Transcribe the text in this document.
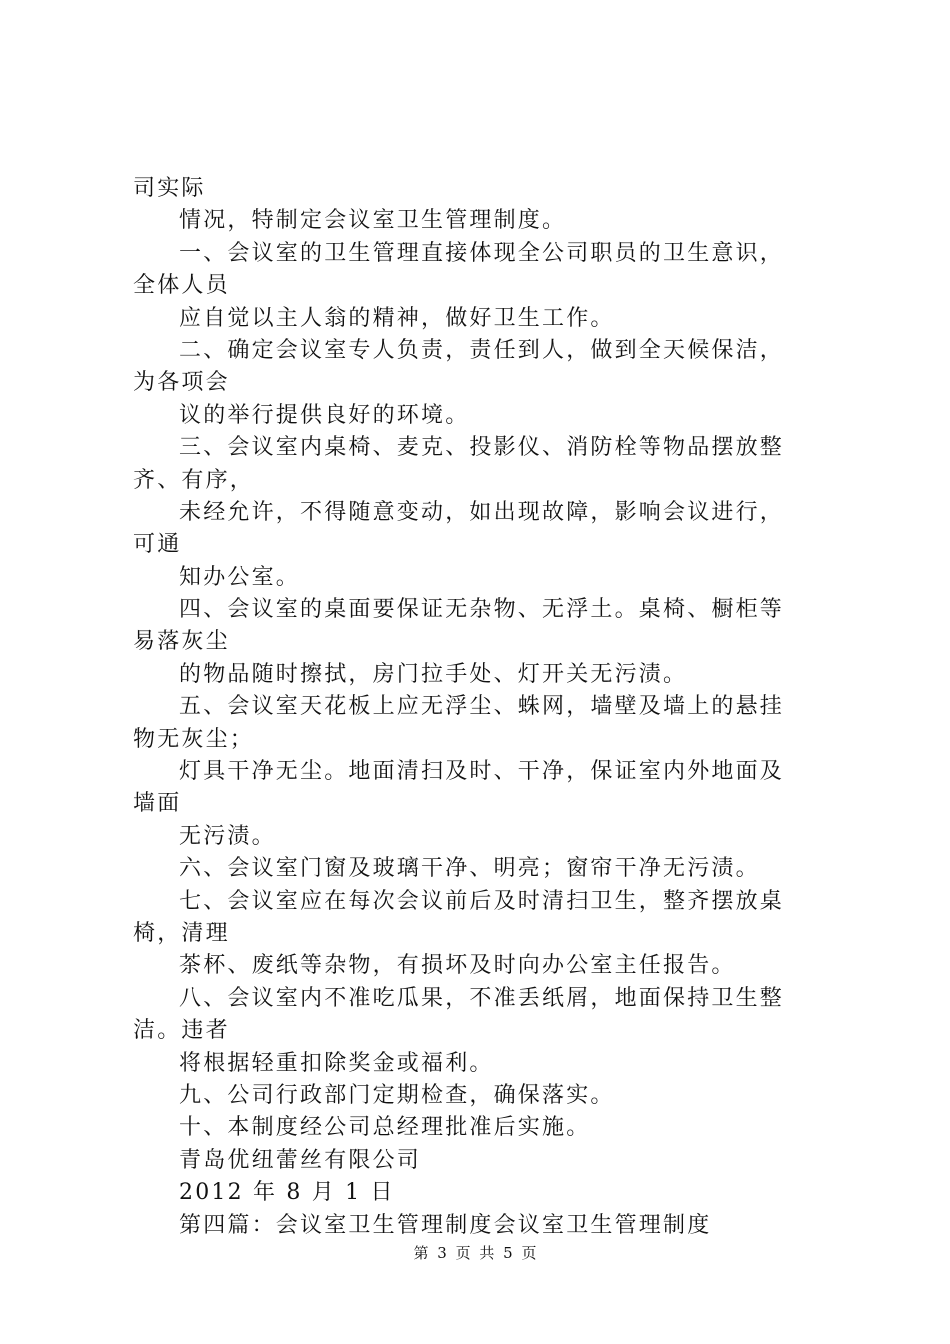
司实际
情况，特制定会议室卫生管理制度。
一、会议室的卫生管理直接体现全公司职员的卫生意识，
全体人员
应自觉以主人翁的精神，做好卫生工作。
二、确定会议室专人负责，责任到人，做到全天候保洁，
为各项会
议的举行提供良好的环境。
三、会议室内桌椅、麦克、投影仪、消防栓等物品摆放整
齐、有序，
未经允许，不得随意变动，如出现故障，影响会议进行，
可通
知办公室。
四、会议室的桌面要保证无杂物、无浮土。桌椅、橱柜等
易落灰尘
的物品随时擦拭，房门拉手处、灯开关无污渍。
五、会议室天花板上应无浮尘、蛛网，墙壁及墙上的悬挂
物无灰尘；
灯具干净无尘。地面清扫及时、干净，保证室内外地面及
墙面
无污渍。
六、会议室门窗及玻璃干净、明亮；窗帘干净无污渍。
七、会议室应在每次会议前后及时清扫卫生，整齐摆放桌
椅，清理
茶杯、废纸等杂物，有损坏及时向办公室主任报告。
八、会议室内不准吃瓜果，不准丢纸屑，地面保持卫生整
洁。违者
将根据轻重扣除奖金或福利。
九、公司行政部门定期检查，确保落实。
十、本制度经公司总经理批准后实施。
青岛优纽蕾丝有限公司
2012 年 8 月 1 日
第四篇：会议室卫生管理制度会议室卫生管理制度
第 3 页 共 5 页
